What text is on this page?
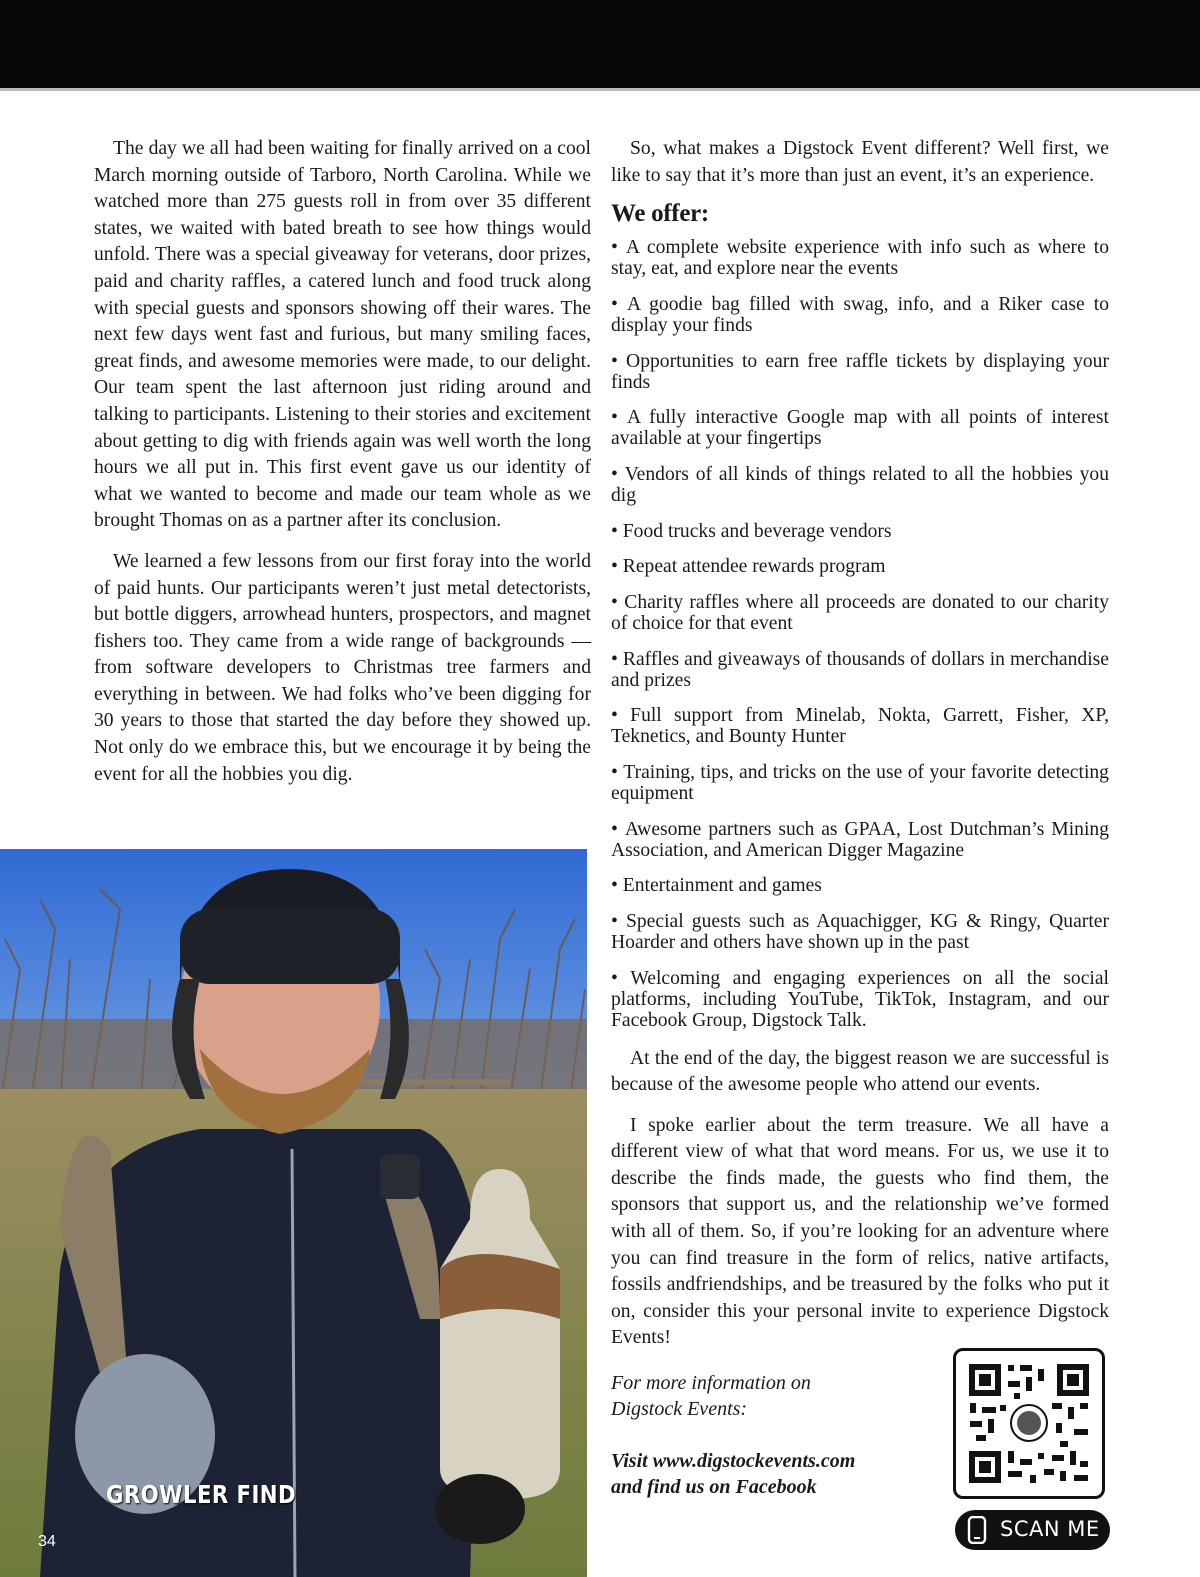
The day we all had been waiting for finally arrived on a cool March morning outside of Tarboro, North Carolina. While we watched more than 275 guests roll in from over 35 different states, we waited with bated breath to see how things would unfold. There was a special giveaway for veterans, door prizes, paid and charity raffles, a catered lunch and food truck along with special guests and sponsors showing off their wares. The next few days went fast and furious, but many smiling faces, great finds, and awesome memories were made, to our delight. Our team spent the last afternoon just riding around and talking to participants. Listening to their stories and excitement about getting to dig with friends again was well worth the long hours we all put in. This first event gave us our identity of what we wanted to become and made our team whole as we brought Thomas on as a partner after its conclusion.

We learned a few lessons from our first foray into the world of paid hunts. Our participants weren’t just metal detectorists, but bottle diggers, arrowhead hunters, prospectors, and magnet fishers too. They came from a wide range of backgrounds — from software developers to Christmas tree farmers and everything in between. We had folks who’ve been digging for 30 years to those that started the day before they showed up. Not only do we embrace this, but we encourage it by being the event for all the hobbies you dig.

So, what makes a Digstock Event different? Well first, we like to say that it’s more than just an event, it’s an experience.

We offer:
• A complete website experience with info such as where to stay, eat, and explore near the events
• A goodie bag filled with swag, info, and a Riker case to display your finds
• Opportunities to earn free raffle tickets by displaying your finds
• A fully interactive Google map with all points of interest available at your fingertips
• Vendors of all kinds of things related to all the hobbies you dig
• Food trucks and beverage vendors
• Repeat attendee rewards program
• Charity raffles where all proceeds are donated to our charity of choice for that event
• Raffles and giveaways of thousands of dollars in merchandise and prizes
• Full support from Minelab, Nokta, Garrett, Fisher, XP, Teknetics, and Bounty Hunter
• Training, tips, and tricks on the use of your favorite detecting equipment
• Awesome partners such as GPAA, Lost Dutchman’s Mining Association, and American Digger Magazine
• Entertainment and games
• Special guests such as Aquachigger, KG & Ringy, Quarter Hoarder and others have shown up in the past
• Welcoming and engaging experiences on all the social platforms, including YouTube, TikTok, Instagram, and our Facebook Group, Digstock Talk.

At the end of the day, the biggest reason we are successful is because of the awesome people who attend our events.

I spoke earlier about the term treasure. We all have a different view of what that word means. For us, we use it to describe the finds made, the guests who find them, the sponsors that support us, and the relationship we’ve formed with all of them. So, if you’re looking for an adventure where you can find treasure in the form of relics, native artifacts, fossils andfriendships, and be treasured by the folks who put it on, consider this your personal invite to experience Digstock Events!

For more information on
Digstock Events:
Visit www.digstockevents.com
and find us on Facebook
GROWLER FIND
34
SCAN ME
